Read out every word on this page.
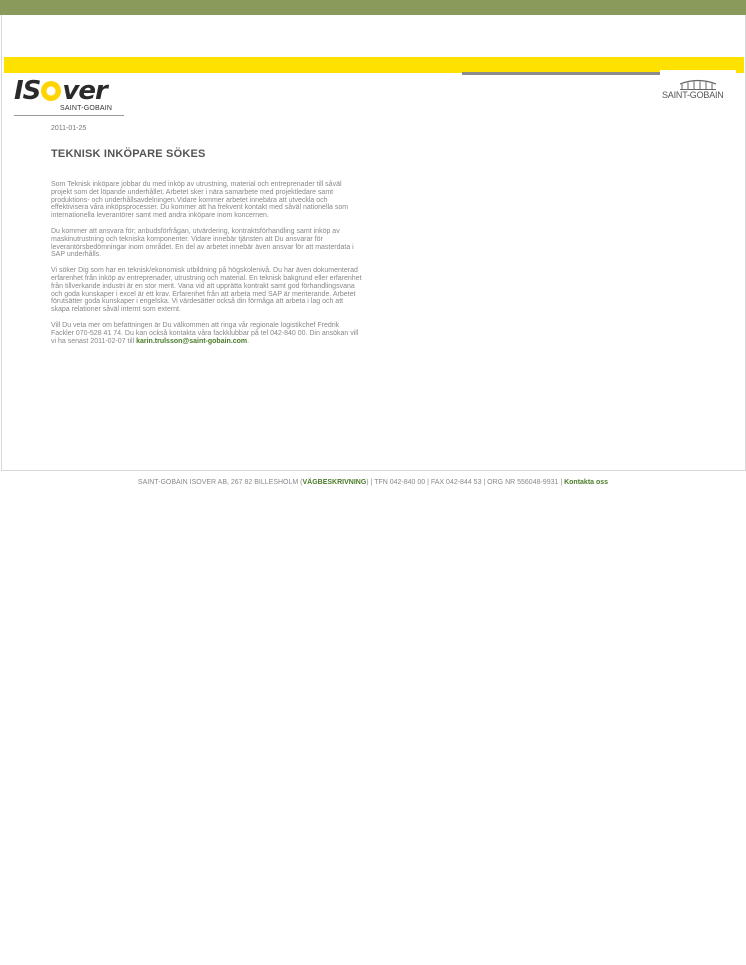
IS ver
SAINT-GOBAIN
SAINT-GOBAIN
2011-01-25
TEKNISK INKÖPARE SÖKES

Som Teknisk inköpare jobbar du med inköp av utrustning, material och entreprenader till såväl projekt som det löpande underhållet. Arbetet sker i nära samarbete med projektledare samt produktions- och underhållsavdelningen.Vidare kommer arbetet innebära att utveckla och effektivisera våra inköpsprocesser. Du kommer att ha frekvent kontakt med såväl nationella som internationella leverantörer samt med andra inköpare inom koncernen.

Du kommer att ansvara för; anbudsförfrågan, utvärdering, kontraktsförhandling samt inköp av maskinutrustning och tekniska komponenter. Vidare innebär tjänsten att Du ansvarar för leverantörsbedömningar inom området. En del av arbetet innebär även ansvar för att masterdata i SAP underhålls.

Vi söker Dig som har en teknisk/ekonomisk utbildning på högskolenivå. Du har även dokumenterad erfarenhet från inköp av entreprenader, utrustning och material. En teknisk bakgrund eller erfarenhet från tillverkande industri är en stor merit. Vana vid att upprätta kontrakt samt god förhandlingsvana och goda kunskaper i excel är ett krav. Erfarenhet från att arbeta med SAP är meriterande. Arbetet förutsätter goda kunskaper i engelska. Vi värdesätter också din förmåga att arbeta i lag och att skapa relationer såväl internt som externt.

Vill Du veta mer om befattningen är Du välkommen att ringa vår regionale logistikchef Fredrik Fackler 070-528 41 74. Du kan också kontakta våra fackklubbar på tel 042-840 00. Din ansökan vill vi ha senast 2011-02-07 till karin.trulsson@saint-gobain.com.

SAINT-GOBAIN ISOVER AB, 267 82 BILLESHOLM (VÄGBESKRIVNING) | TFN 042-840 00 | FAX 042-844 53 | ORG NR 556048-9931 | Kontakta oss
